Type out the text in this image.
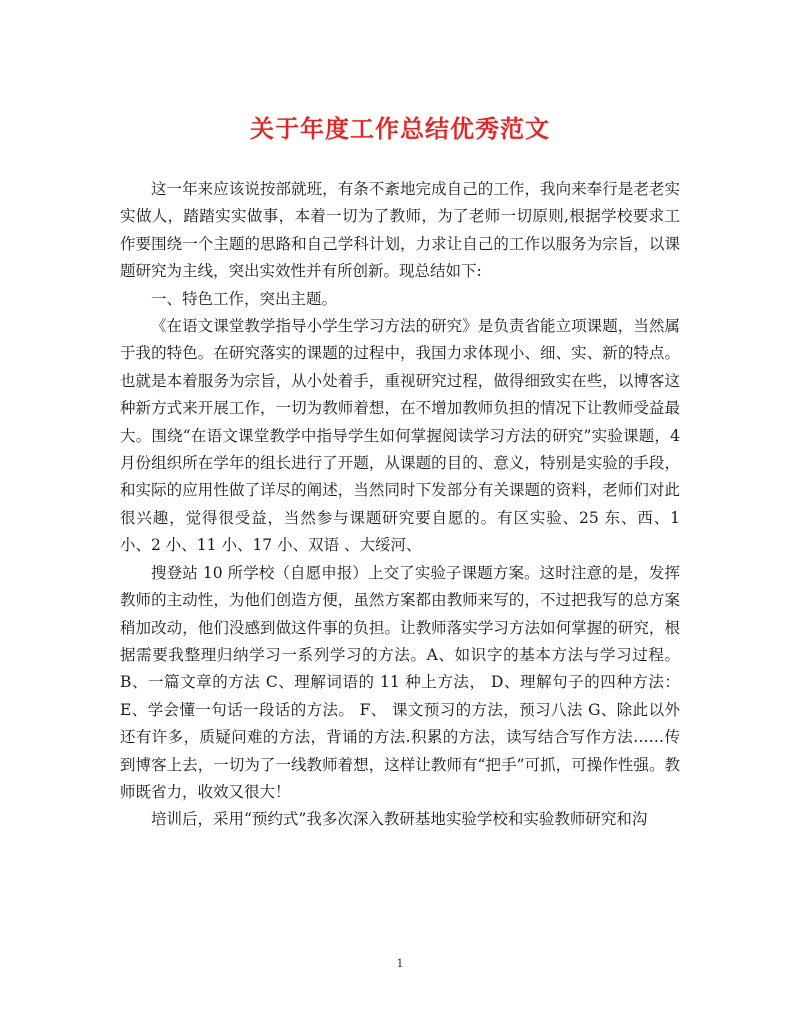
关于年度工作总结优秀范文

这一年来应该说按部就班，有条不紊地完成自己的工作，我向来奉行是老老实实做人，踏踏实实做事，本着一切为了教师，为了老师一切原则,根据学校要求工作要围绕一个主题的思路和自己学科计划，力求让自己的工作以服务为宗旨，以课题研究为主线，突出实效性并有所创新。现总结如下:

一、特色工作，突出主题。

《在语文课堂教学指导小学生学习方法的研究》是负责省能立项课题，当然属于我的特色。在研究落实的课题的过程中，我国力求体现小、细、实、新的特点。也就是本着服务为宗旨，从小处着手，重视研究过程，做得细致实在些，以博客这种新方式来开展工作，一切为教师着想，在不增加教师负担的情况下让教师受益最大。围绕“在语文课堂教学中指导学生如何掌握阅读学习方法的研究”实验课题，4 月份组织所在学年的组长进行了开题，从课题的目的、意义，特别是实验的手段，和实际的应用性做了详尽的阐述，当然同时下发部分有关课题的资料，老师们对此很兴趣，觉得很受益，当然参与课题研究要自愿的。有区实验、25 东、西、1 小、2 小、11 小、17 小、双语 、大绥河、

搜登站 10 所学校（自愿申报）上交了实验子课题方案。这时注意的是，发挥教师的主动性，为他们创造方便，虽然方案都由教师来写的，不过把我写的总方案稍加改动，他们没感到做这件事的负担。让教师落实学习方法如何掌握的研究，根据需要我整理归纳学习一系列学习的方法。A、如识字的基本方法与学习过程。B、一篇文章的方法 C、理解词语的 11 种上方法， D、理解句子的四种方法： E、学会懂一句话一段话的方法。 F、 课文预习的方法，预习八法 G、除此以外还有许多，质疑问难的方法，背诵的方法.积累的方法，读写结合写作方法……传到博客上去，一切为了一线教师着想，这样让教师有“把手”可抓，可操作性强。教师既省力，收效又很大！

培训后，采用“预约式”我多次深入教研基地实验学校和实验教师研究和沟

1
